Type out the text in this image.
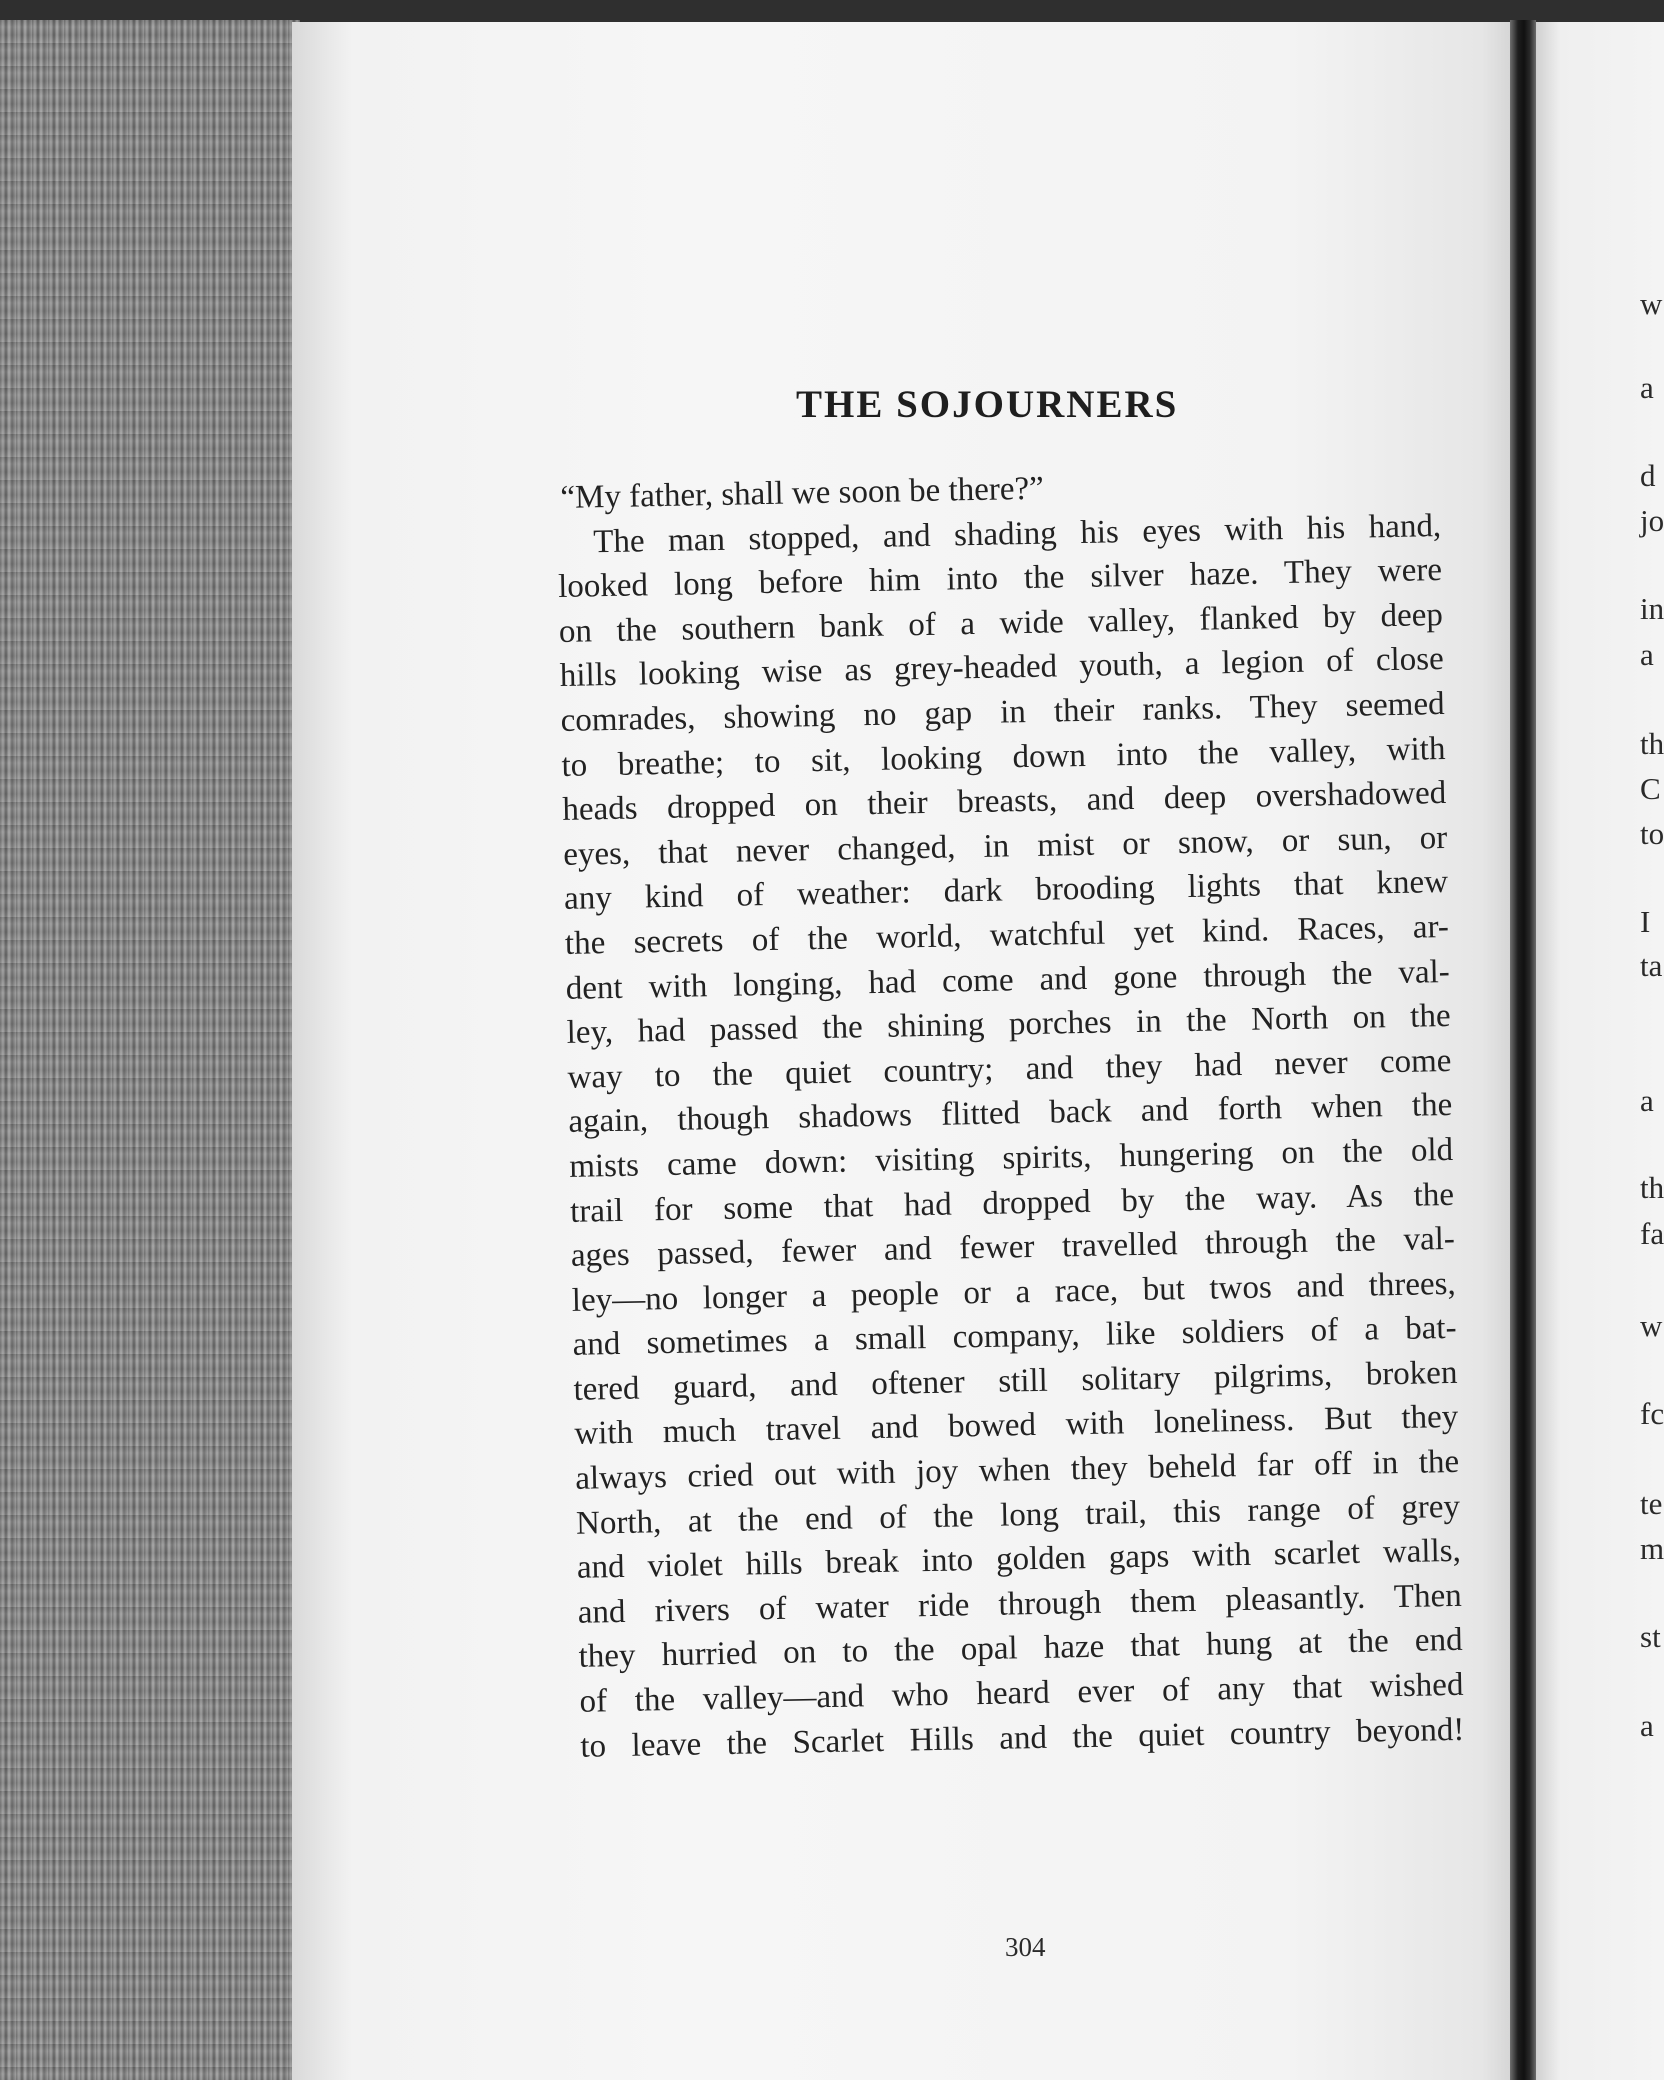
w
a
d
jo
in
a
th
C
to
I
ta
a
th
fa
w
fc
te
m
st
a
THE SOJOURNERS
“My father, shall we soon be there?”
The man stopped, and shading his eyes with his hand,
looked long before him into the silver haze. They were
on the southern bank of a wide valley, flanked by deep
hills looking wise as grey-headed youth, a legion of close
comrades, showing no gap in their ranks. They seemed
to breathe; to sit, looking down into the valley, with
heads dropped on their breasts, and deep overshadowed
eyes, that never changed, in mist or snow, or sun, or
any kind of weather: dark brooding lights that knew
the secrets of the world, watchful yet kind. Races, ar-
dent with longing, had come and gone through the val-
ley, had passed the shining porches in the North on the
way to the quiet country; and they had never come
again, though shadows flitted back and forth when the
mists came down: visiting spirits, hungering on the old
trail for some that had dropped by the way. As the
ages passed, fewer and fewer travelled through the val-
ley—no longer a people or a race, but twos and threes,
and sometimes a small company, like soldiers of a bat-
tered guard, and oftener still solitary pilgrims, broken
with much travel and bowed with loneliness. But they
always cried out with joy when they beheld far off in the
North, at the end of the long trail, this range of grey
and violet hills break into golden gaps with scarlet walls,
and rivers of water ride through them pleasantly. Then
they hurried on to the opal haze that hung at the end
of the valley—and who heard ever of any that wished
to leave the Scarlet Hills and the quiet country beyond!
304
